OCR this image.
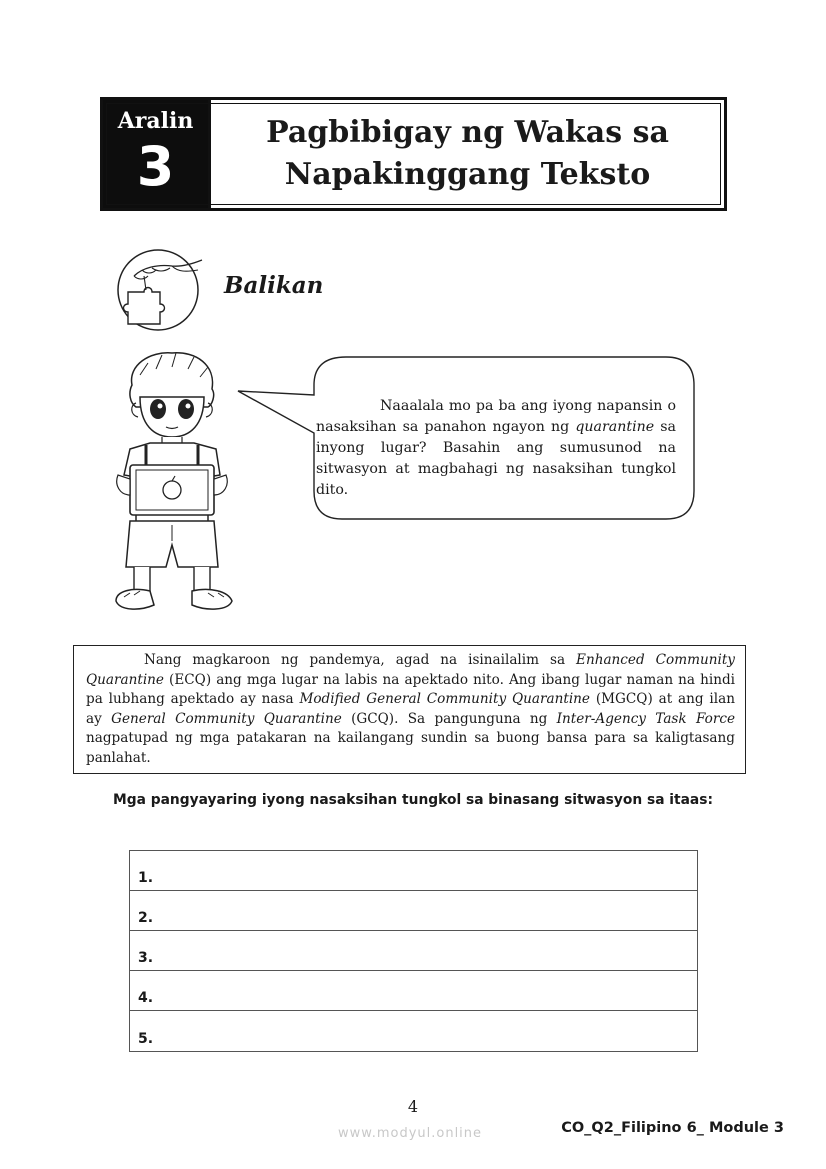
Aralin
3
Pagbibigay ng Wakas sa
Napakinggang Teksto
Balikan
Naaalala mo pa ba ang iyong napansin o nasaksihan sa panahon ngayon ng quarantine sa inyong lugar? Basahin ang sumusunod na sitwasyon at magbahagi ng nasaksihan tungkol dito.
Nang magkaroon ng pandemya, agad na isinailalim sa Enhanced Community Quarantine (ECQ) ang mga lugar na labis na apektado nito. Ang ibang lugar naman na hindi pa lubhang apektado ay nasa Modified General Community Quarantine (MGCQ) at ang ilan ay General Community Quarantine (GCQ). Sa pangunguna ng Inter-Agency Task Force nagpatupad ng mga patakaran na kailangang sundin sa buong bansa para sa kaligtasang panlahat.
Mga pangyayaring iyong nasaksihan tungkol sa binasang sitwasyon sa itaas:
1.
2.
3.
4.
5.
4
www.modyul.online	CO_Q2_Filipino 6_ Module 3
